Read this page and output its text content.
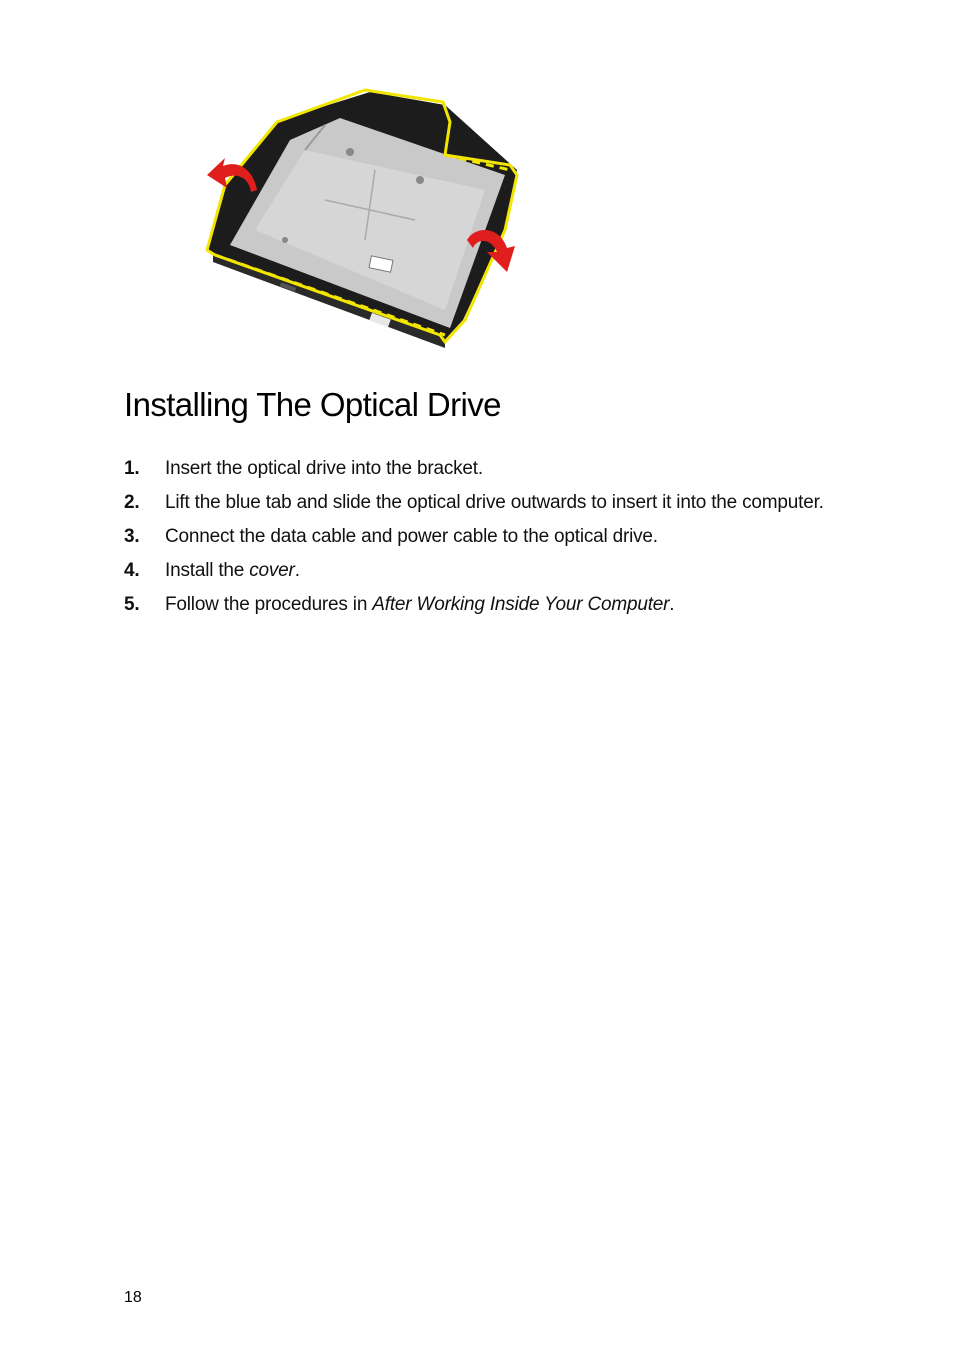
Installing The Optical Drive
1. Insert the optical drive into the bracket.
2. Lift the blue tab and slide the optical drive outwards to insert it into the computer.
3. Connect the data cable and power cable to the optical drive.
4. Install the cover.
5. Follow the procedures in After Working Inside Your Computer.
18
